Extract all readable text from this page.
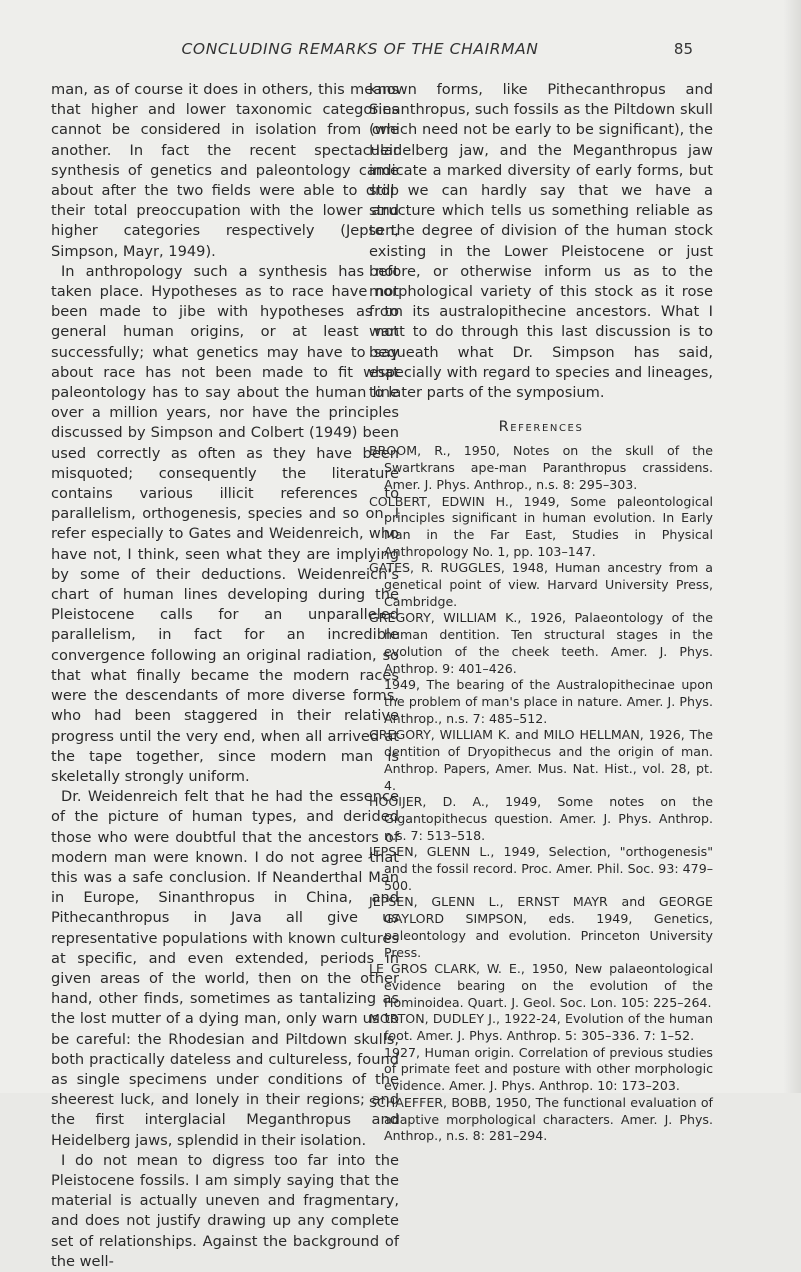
CONCLUDING REMARKS OF THE CHAIRMAN	85

man, as of course it does in others, this means that higher and lower taxonomic categories cannot be considered in isolation from one another. In fact the recent spectacular synthesis of genetics and paleontology came about after the two fields were able to drop their total preoccupation with the lower and higher categories respectively (Jepsen, Simpson, Mayr, 1949).

In anthropology such a synthesis has not taken place. Hypotheses as to race have not been made to jibe with hypotheses as to general human origins, or at least not successfully; what genetics may have to say about race has not been made to fit what paleontology has to say about the human line over a million years, nor have the principles discussed by Simpson and Colbert (1949) been used correctly as often as they have been misquoted; consequently the literature contains various illicit references to parallelism, orthogenesis, species and so on. I refer especially to Gates and Weidenreich, who have not, I think, seen what they are implying by some of their deductions. Weidenreich's chart of human lines developing during the Pleistocene calls for an unparalleled parallelism, in fact for an incredible convergence following an original radiation, so that what finally became the modern races were the descendants of more diverse forms, who had been staggered in their relative progress until the very end, when all arrived at the tape together, since modern man is skeletally strongly uniform.

Dr. Weidenreich felt that he had the essence of the picture of human types, and derided those who were doubtful that the ancestors of modern man were known. I do not agree that this was a safe conclusion. If Neanderthal Man in Europe, Sinanthropus in China, and Pithecanthropus in Java all give us representative populations with known cultures at specific, and even extended, periods in given areas of the world, then on the other hand, other finds, sometimes as tantalizing as the lost mutter of a dying man, only warn us to be careful: the Rhodesian and Piltdown skulls, both practically dateless and cultureless, found as single specimens under conditions of the sheerest luck, and lonely in their regions; and the first interglacial Meganthropus and Heidelberg jaws, splendid in their isolation.

I do not mean to digress too far into the Pleistocene fossils. I am simply saying that the material is actually uneven and fragmentary, and does not justify drawing up any complete set of relationships. Against the background of the well-

known forms, like Pithecanthropus and Sinanthropus, such fossils as the Piltdown skull (which need not be early to be significant), the Heidelberg jaw, and the Meganthropus jaw indicate a marked diversity of early forms, but still we can hardly say that we have a structure which tells us something reliable as to the degree of division of the human stock existing in the Lower Pleistocene or just before, or otherwise inform us as to the morphological variety of this stock as it rose from its australopithecine ancestors. What I want to do through this last discussion is to bequeath what Dr. Simpson has said, especially with regard to species and lineages, to later parts of the symposium.

References
BROOM, R., 1950, Notes on the skull of the Swartkrans ape-man Paranthropus crassidens. Amer. J. Phys. Anthrop., n.s. 8: 295–303.
COLBERT, EDWIN H., 1949, Some paleontological principles significant in human evolution. In Early Man in the Far East, Studies in Physical Anthropology No. 1, pp. 103–147.
GATES, R. RUGGLES, 1948, Human ancestry from a genetical point of view. Harvard University Press, Cambridge.
GREGORY, WILLIAM K., 1926, Palaeontology of the human dentition. Ten structural stages in the evolution of the cheek teeth. Amer. J. Phys. Anthrop. 9: 401–426.
1949, The bearing of the Australopithecinae upon the problem of man's place in nature. Amer. J. Phys. Anthrop., n.s. 7: 485–512.
GREGORY, WILLIAM K. and MILO HELLMAN, 1926, The dentition of Dryopithecus and the origin of man. Anthrop. Papers, Amer. Mus. Nat. Hist., vol. 28, pt. 4.
HOOIJER, D. A., 1949, Some notes on the Gigantopithecus question. Amer. J. Phys. Anthrop. n.s. 7: 513–518.
JEPSEN, GLENN L., 1949, Selection, "orthogenesis" and the fossil record. Proc. Amer. Phil. Soc. 93: 479–500.
JEPSEN, GLENN L., ERNST MAYR and GEORGE GAYLORD SIMPSON, eds. 1949, Genetics, paleontology and evolution. Princeton University Press.
LE GROS CLARK, W. E., 1950, New palaeontological evidence bearing on the evolution of the Hominoidea. Quart. J. Geol. Soc. Lon. 105: 225–264.
MORTON, DUDLEY J., 1922-24, Evolution of the human foot. Amer. J. Phys. Anthrop. 5: 305–336. 7: 1–52.
1927, Human origin. Correlation of previous studies of primate feet and posture with other morphologic evidence. Amer. J. Phys. Anthrop. 10: 173–203.
SCHAEFFER, BOBB, 1950, The functional evaluation of adaptive morphological characters. Amer. J. Phys. Anthrop., n.s. 8: 281–294.
